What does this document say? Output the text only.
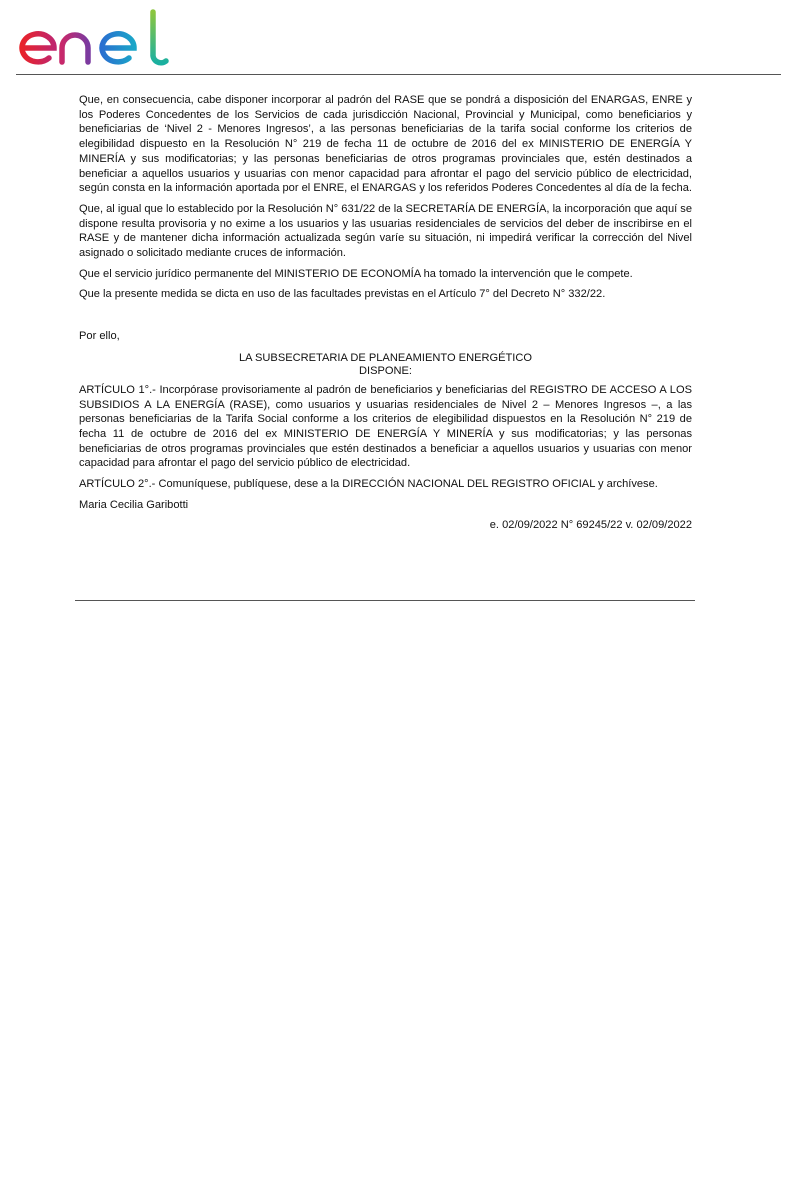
enel

Que, en consecuencia, cabe disponer incorporar al padrón del RASE que se pondrá a disposición del ENARGAS, ENRE y los Poderes Concedentes de los Servicios de cada jurisdicción Nacional, Provincial y Municipal, como beneficiarios y beneficiarias de ‘Nivel 2 - Menores Ingresos’, a las personas beneficiarias de la tarifa social conforme los criterios de elegibilidad dispuesto en la Resolución N° 219 de fecha 11 de octubre de 2016 del ex MINISTERIO DE ENERGÍA Y MINERÍA y sus modificatorias; y las personas beneficiarias de otros programas provinciales que, estén destinados a beneficiar a aquellos usuarios y usuarias con menor capacidad para afrontar el pago del servicio público de electricidad, según consta en la información aportada por el ENRE, el ENARGAS y los referidos Poderes Concedentes al día de la fecha.

Que, al igual que lo establecido por la Resolución N° 631/22 de la SECRETARÍA DE ENERGÍA, la incorporación que aquí se dispone resulta provisoria y no exime a los usuarios y las usuarias residenciales de servicios del deber de inscribirse en el RASE y de mantener dicha información actualizada según varíe su situación, ni impedirá verificar la corrección del Nivel asignado o solicitado mediante cruces de información.

Que el servicio jurídico permanente del MINISTERIO DE ECONOMÍA ha tomado la intervención que le compete.

Que la presente medida se dicta en uso de las facultades previstas en el Artículo 7° del Decreto N° 332/22.

Por ello,

LA SUBSECRETARIA DE PLANEAMIENTO ENERGÉTICO
DISPONE:

ARTÍCULO 1°.- Incorpórase provisoriamente al padrón de beneficiarios y beneficiarias del REGISTRO DE ACCESO A LOS SUBSIDIOS A LA ENERGÍA (RASE), como usuarios y usuarias residenciales de Nivel 2 – Menores Ingresos –, a las personas beneficiarias de la Tarifa Social conforme a los criterios de elegibilidad dispuestos en la Resolución N° 219 de fecha 11 de octubre de 2016 del ex MINISTERIO DE ENERGÍA Y MINERÍA y sus modificatorias; y las personas beneficiarias de otros programas provinciales que estén destinados a beneficiar a aquellos usuarios y usuarias con menor capacidad para afrontar el pago del servicio público de electricidad.

ARTÍCULO 2°.- Comuníquese, publíquese, dese a la DIRECCIÓN NACIONAL DEL REGISTRO OFICIAL y archívese.

Maria Cecilia Garibotti

e. 02/09/2022 N° 69245/22 v. 02/09/2022
